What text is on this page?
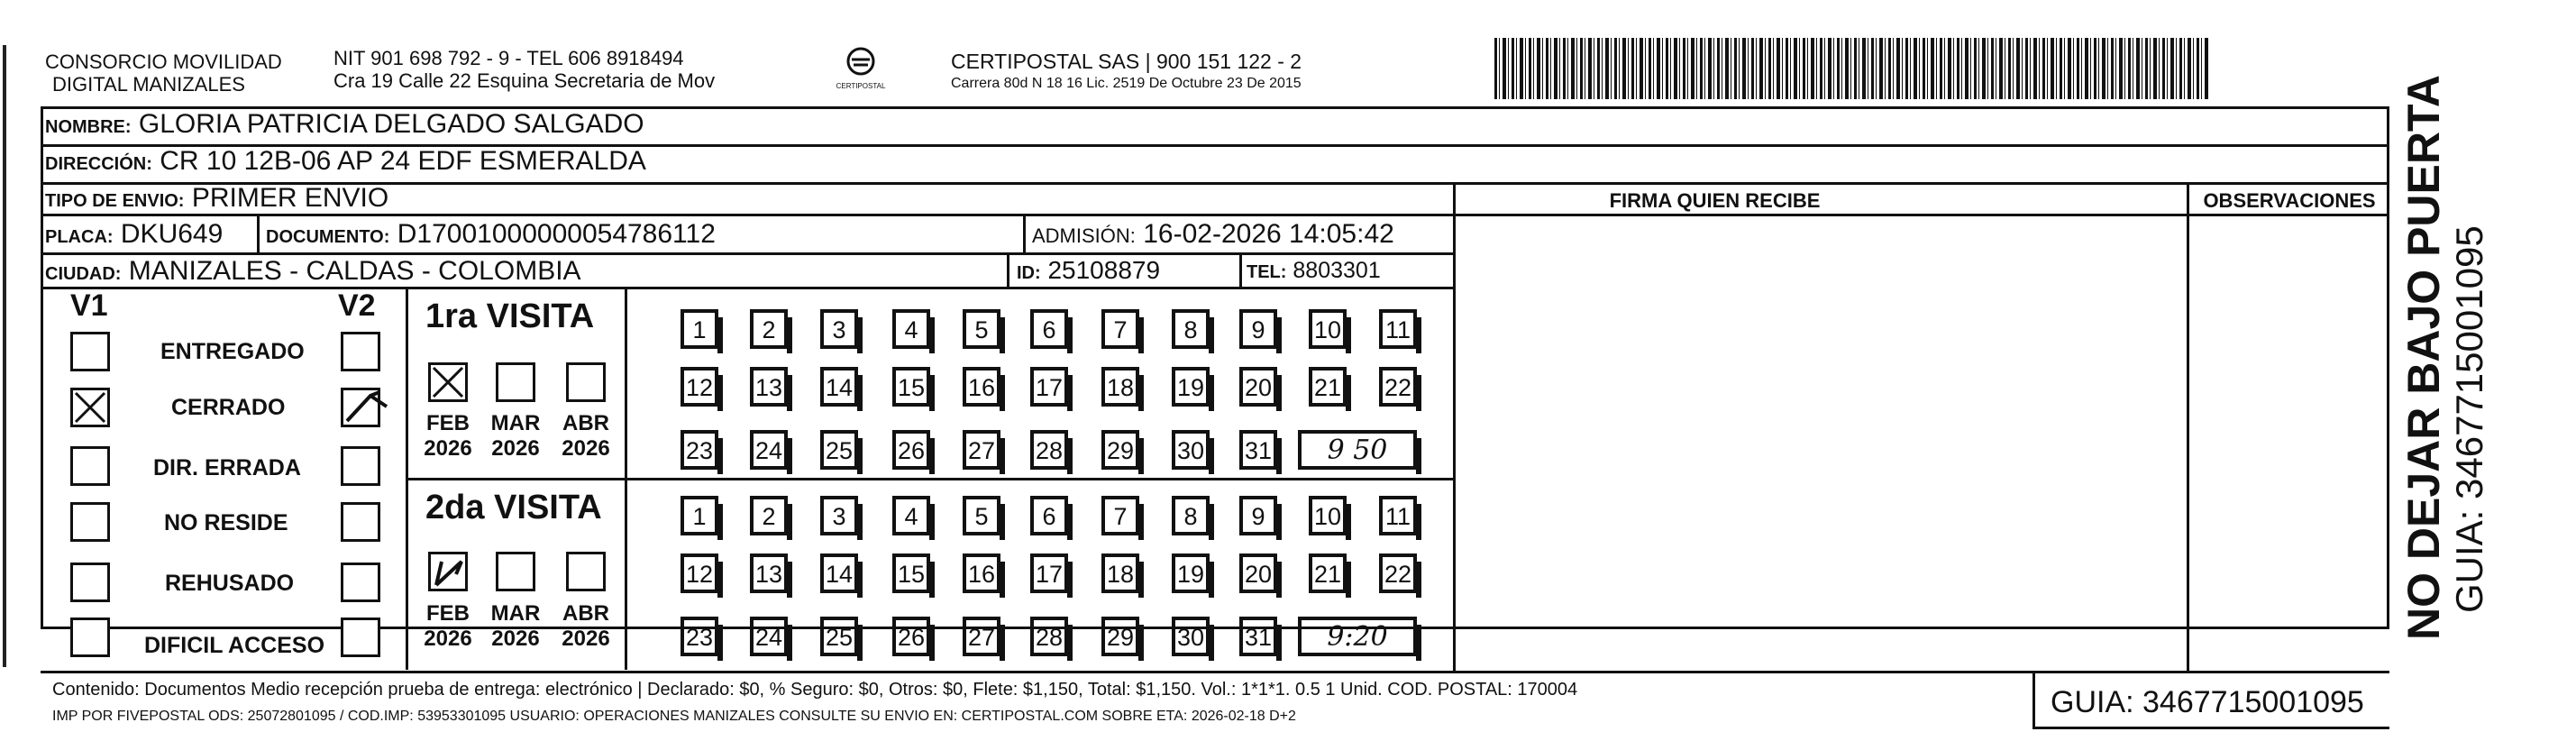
CONSORCIO MOVILIDAD
DIGITAL MANIZALES
NIT 901 698 792 - 9 - TEL 606 8918494
Cra 19 Calle 22 Esquina Secretaria de Mov	CERTIPOSTAL
CERTIPOSTAL SAS | 900 151 122 - 2
Carrera 80d N 18 16 Lic. 2519 De Octubre 23 De 2015
NOMBRE: GLORIA PATRICIA DELGADO SALGADO
DIRECCIÓN: CR 10 12B-06 AP 24 EDF ESMERALDA
TIPO DE ENVIO: PRIMER ENVIO	FIRMA QUIEN RECIBE	OBSERVACIONES
PLACA: DKU649 DOCUMENTO: D17001000000054786112	ADMISIÓN: 16-02-2026 14:05:42
CIUDAD: MANIZALES - CALDAS - COLOMBIA	ID: 25108879	TEL: 8803301
V1	V2
ENTREGADO
CERRADO
DIR. ERRADA
NO RESIDE
REHUSADO
DIFICIL ACCESO
1ra VISITA
FEB
2026
MAR
2026
ABR
2026
2da VISITA
FEB
2026
MAR
2026
ABR
2026
1	2	3	4	5	6	7	8	9	10 11
12 13 14 15 16 17 18 19 20 21 22
23 24 25 26 27 28 29 30 31
1	2	3	4	5	6	7	8	9	10 11
12 13 14 15 16 17 18 19 20 21 22
23 24 25 26 27 28 29 30 31
9 50
9:20
Contenido: Documentos Medio recepción prueba de entrega: electrónico | Declarado: $0, % Seguro: $0, Otros: $0, Flete: $1,150, Total: $1,150. Vol.: 1*1*1. 0.5 1 Unid. COD. POSTAL: 170004
IMP POR FIVEPOSTAL ODS: 25072801095 / COD.IMP: 53953301095 USUARIO: OPERACIONES MANIZALES CONSULTE SU ENVIO EN: CERTIPOSTAL.COM SOBRE ETA: 2026-02-18 D+2	GUIA: 3467715001095
NO DEJAR BAJO PUERTA GUIA: 3467715001095
